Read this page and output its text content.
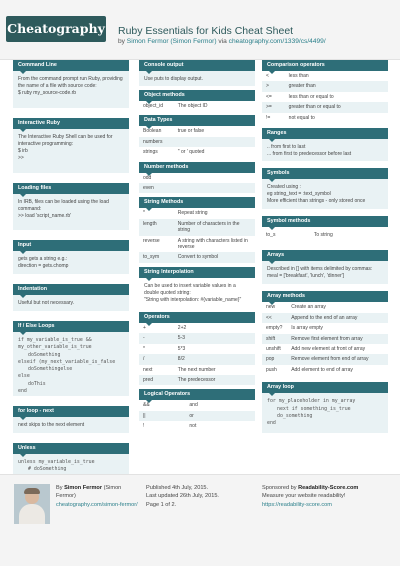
Cheatography Ruby Essentials for Kids Cheat Sheet
by Simon Fermor (Simon Fermor) via cheatography.com/1339/cs/4499/
Command Line
From the command prompt run Ruby, providing
the name of a file with source code:
$ ruby my_source-code.rb
Interactive Ruby
The Interactive Ruby Shell can be used for
interactive programming:
$ irb
>>
Loading files
In IRB, files can be loaded using the load
command:
>> load 'script_name.rb'
Input
gets gets a string e.g.:
direction = gets.chomp
Indentation
Useful but not necessary.
If / Else Loops
if my_variable_is_true &&
my_other_variable_is_true
doSomething
elseif (my_next_variable_is_false
doSomethingelse
else
doThis
end
for loop - next
next skips to the next element
Unless
unless my_variable_is_true
# doSomething
Console output
Use puts to display output.
Object methods
object_id	The object ID
Data Types
Boolean	true or false
numbers	
strings	" or ' quoted
Number methods
odd	
even	
String Methods
*	Repeat string
length	Number of characters in the string
reverse	A string with characters listed in reverse
to_sym	Convert to symbol
String Interpolation
Can be used to insert variable values in a
double quoted string:
"String with interpolation: #{variable_name}"
Operators
+	2+2
-	5-3
*	5*3
/	8/2
next	The next number
pred	The predecessor
Logical Operators
&&	and
||	or
!	not
Comparison operators
<	less than
>	greater than
<=	less than or equal to
>=	greater than or equal to
!=	not equal to
Ranges
.. from first to last
... from first to predecessor before last
Symbols
Created using :
eg string_text = :text_symbol
More efficient than strings - only stored once
Symbol methods
to_s	To string
Arrays
Described in [] with items delimited by commas:
meal = ['breakfast', 'lunch', 'dinner']
Array methods
new	Create an array
<<	Append to the end of an array
empty?	Is array empty
shift	Remove first element from array
unshift	Add new element at front of array
pop	Remove element from end of array
push	Add element to end of array
Array loop
for my_placeholder in my_array
next if something_is_true
do_something
end
By Simon Fermor (Simon
Fermor)
cheatography.com/simon-fermor/
Published 4th July, 2015.
Last updated 26th July, 2015.
Page 1 of 2.
Sponsored by Readability-Score.com
Measure your website readability!
https://readability-score.com
